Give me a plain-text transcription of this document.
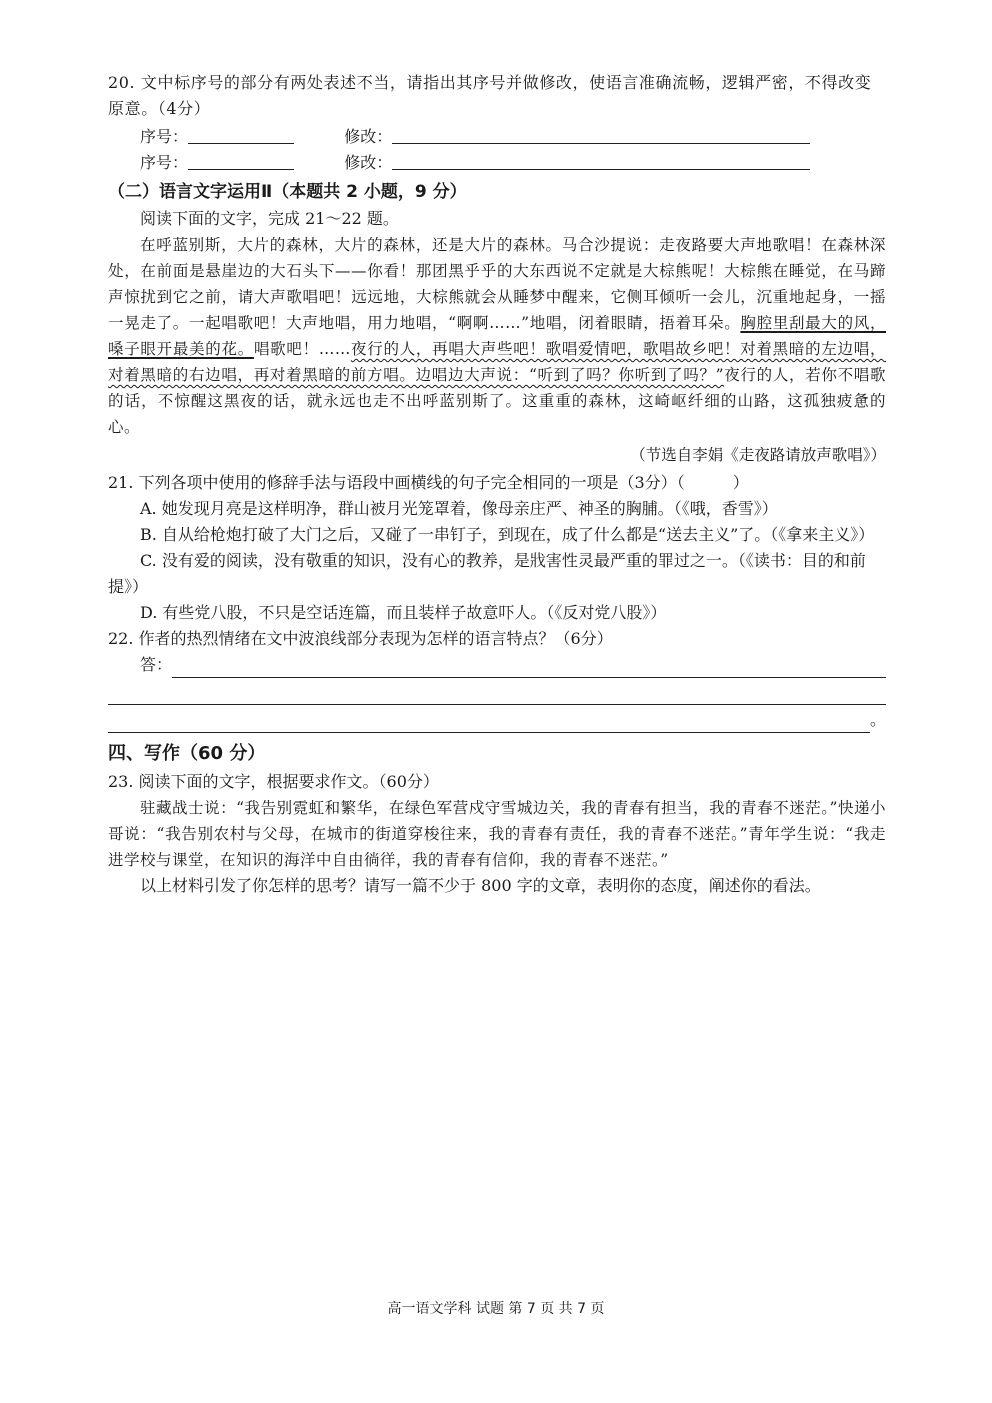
20. 文中标序号的部分有两处表述不当，请指出其序号并做修改，使语言准确流畅，逻辑严密，不得改变原意。（4分）
序号：	修改：
序号：	修改：
（二）语言文字运用Ⅱ（本题共 2 小题，9 分）
阅读下面的文字，完成 21～22 题。
在呼蓝别斯，大片的森林，大片的森林，还是大片的森林。马合沙提说：走夜路要大声地歌唱！在森林深处，在前面是悬崖边的大石头下——你看！那团黑乎乎的大东西说不定就是大棕熊呢！大棕熊在睡觉，在马蹄声惊扰到它之前，请大声歌唱吧！远远地，大棕熊就会从睡梦中醒来，它侧耳倾听一会儿，沉重地起身，一摇一晃走了。一起唱歌吧！大声地唱，用力地唱，“啊啊……”地唱，闭着眼睛，捂着耳朵。胸腔里刮最大的风，嗓子眼开最美的花。唱歌吧！……夜行的人，再唱大声些吧！歌唱爱情吧，歌唱故乡吧！对着黑暗的左边唱，对着黑暗的右边唱，再对着黑暗的前方唱。边唱边大声说：“听到了吗？你听到了吗？”夜行的人，若你不唱歌的话，不惊醒这黑夜的话，就永远也走不出呼蓝别斯了。这重重的森林，这崎岖纤细的山路，这孤独疲惫的心。
（节选自李娟《走夜路请放声歌唱》）
21. 下列各项中使用的修辞手法与语段中画横线的句子完全相同的一项是（3分）（	）
A. 她发现月亮是这样明净，群山被月光笼罩着，像母亲庄严、神圣的胸脯。（《哦，香雪》）
B. 自从给枪炮打破了大门之后，又碰了一串钉子，到现在，成了什么都是“送去主义”了。（《拿来主义》）
C. 没有爱的阅读，没有敬重的知识，没有心的教养，是戕害性灵最严重的罪过之一。（《读书：目的和前提》）
D. 有些党八股，不只是空话连篇，而且装样子故意吓人。（《反对党八股》）
22. 作者的热烈情绪在文中波浪线部分表现为怎样的语言特点？（6分）
答：
。
四、写作（60 分）
23. 阅读下面的文字，根据要求作文。（60分）
驻藏战士说：“我告别霓虹和繁华，在绿色军营戍守雪城边关，我的青春有担当，我的青春不迷茫。”快递小哥说：“我告别农村与父母，在城市的街道穿梭往来，我的青春有责任，我的青春不迷茫。”青年学生说：“我走进学校与课堂，在知识的海洋中自由徜徉，我的青春有信仰，我的青春不迷茫。”
以上材料引发了你怎样的思考？请写一篇不少于 800 字的文章，表明你的态度，阐述你的看法。
高一语文学科 试题 第 7 页 共 7 页
